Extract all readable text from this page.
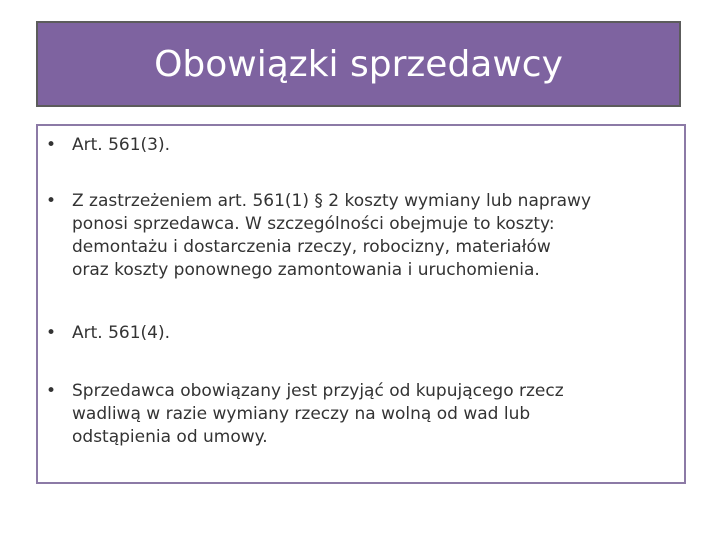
Obowiązki sprzedawcy
• Art. 561(3).
• Z zastrzeżeniem art. 561(1) § 2 koszty wymiany lub naprawy
ponosi sprzedawca. W szczególności obejmuje to koszty:
demontażu i dostarczenia rzeczy, robocizny, materiałów
oraz koszty ponownego zamontowania i uruchomienia.
• Art. 561(4).
• Sprzedawca obowiązany jest przyjąć od kupującego rzecz
wadliwą w razie wymiany rzeczy na wolną od wad lub
odstąpienia od umowy.
